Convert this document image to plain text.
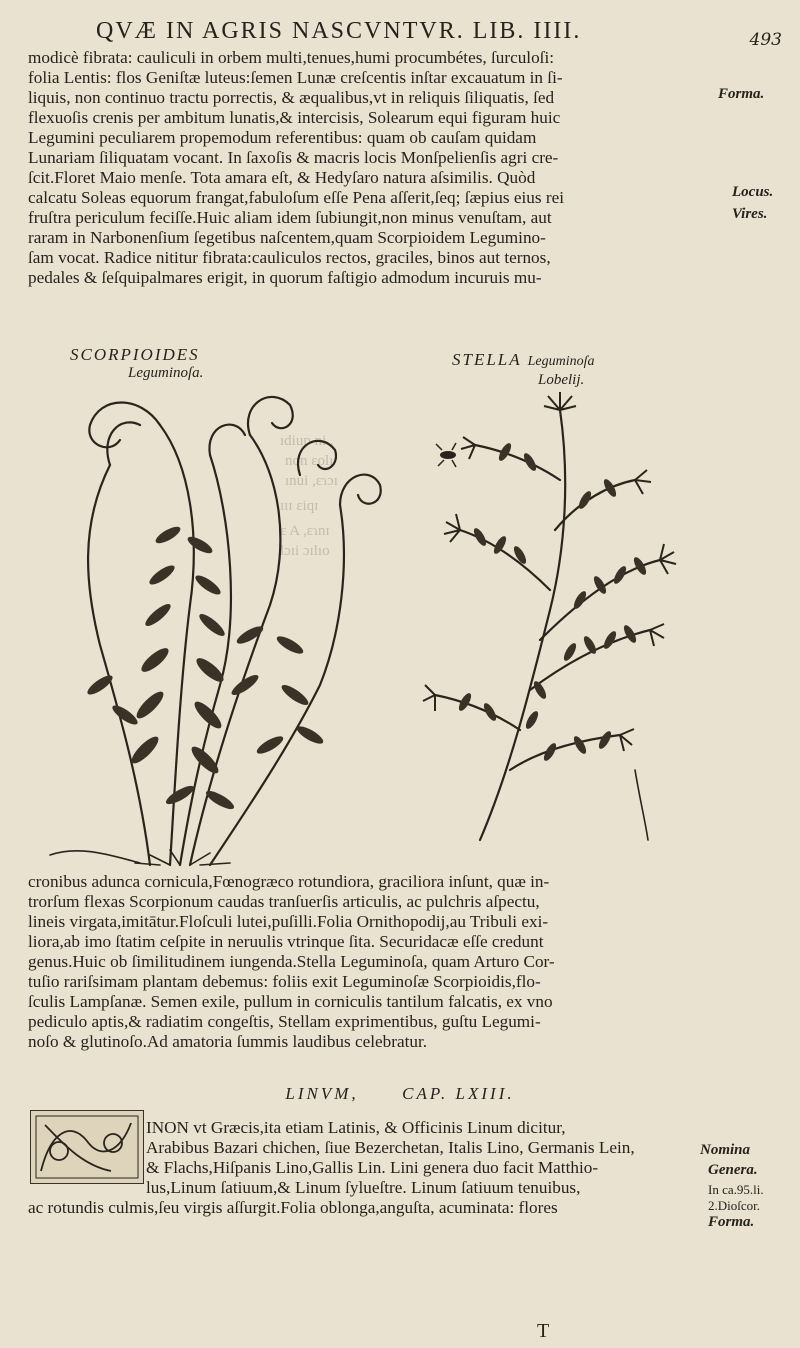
QVÆ IN AGRIS NASCVNTVR. LIB. IIII.	493
modicè fibrata: cauliculi in orbem multi,tenues,humi procumbétes, ſurculoſi:
folia Lentis: flos Geniſtæ luteus:ſemen Lunæ creſcentis inſtar excauatum in ſi-
liquis, non continuo tractu porrectis, & æqualibus,vt in reliquis ſiliquatis, ſed
flexuoſis crenis per ambitum lunatis,& intercisis, Solearum equi figuram huic
Legumini peculiarem propemodum referentibus: quam ob cauſam quidam
Lunariam ſiliquatam vocant. In ſaxoſis & macris locis Monſpelienſis agri cre-
ſcit.Floret Maio menſe. Tota amara eſt, & Hedyſaro natura aſsimilis. Quòd
calcatu Soleas equorum frangat,fabuloſum eſſe Pena aſſerit,ſeq; ſæpius eius rei
fruſtra periculum feciſſe.Huic aliam idem ſubiungit,non minus venuſtam, aut
raram in Narbonenſium ſegetibus naſcentem,quam Scorpioidem Legumino-
ſam vocat. Radice nititur fibrata:cauliculos rectos, graciles, binos aut ternos,
pedales & ſeſquipalmares erigit, in quorum faſtigio admodum incuruis mu-
Forma.
Locus.
Vires.
SCORPIOIDES
Leguminoſa.
STELLA Leguminoſa
Lobelij.
ıdiup ni .
non ɛolı
ınui ,ɛɿɔı
ɪɪɪ ɛiqɪ
ɛ A ,ɛɿnɪ
lɔɪi ɔɪlıo
cronibus adunca cornicula,Fœnogræco rotundiora, graciliora inſunt, quæ in-
trorſum flexas Scorpionum caudas tranſuerſis articulis, ac pulchris aſpectu,
lineis virgata,imitātur.Floſculi lutei,puſilli.Folia Ornithopodij,au Tribuli exi-
liora,ab imo ſtatim ceſpite in neruulis vtrinque ſita. Securidacæ eſſe credunt
genus.Huic ob ſimilitudinem iungenda.Stella Leguminoſa, quam Arturo Cor-
tuſio rariſsimam plantam debemus: foliis exit Leguminoſæ Scorpioidis,flo-
ſculis Lampſanæ. Semen exile, pullum in corniculis tantilum falcatis, ex vno
pediculo aptis,& radiatim congeſtis, Stellam exprimentibus, guſtu Legumi-
noſo & glutinoſo.Ad amatoria ſummis laudibus celebratur.
LINVM,	CAP. LXIII.
INON vt Græcis,ita etiam Latinis, & Officinis Linum dicitur,
Arabibus Bazari chichen, ſiue Bezerchetan, Italis Lino, Germanis Lein,
& Flachs,Hiſpanis Lino,Gallis Lin. Lini genera duo facit Matthio-
lus,Linum ſatiuum,& Linum ſylueſtre. Linum ſatiuum tenuibus,
ac rotundis culmis,ſeu virgis aſſurgit.Folia oblonga,anguſta, acuminata: flores
Nomina
Genera.
In ca.95.li.
2.Dioſcor.
Forma.
T
